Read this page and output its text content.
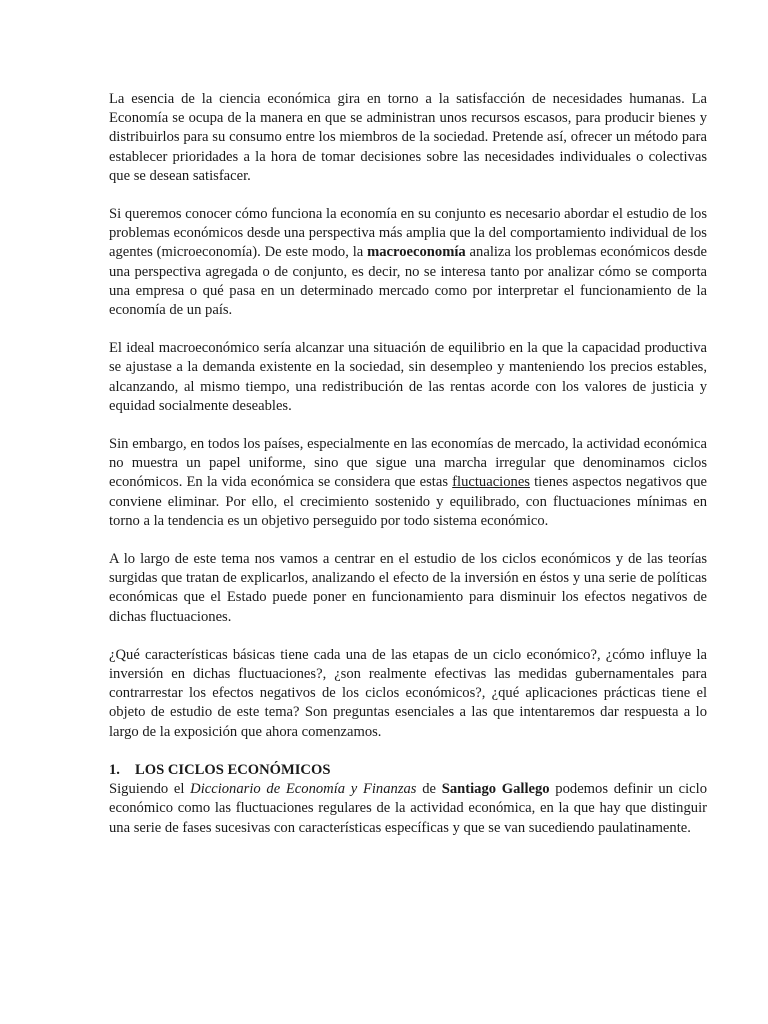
La esencia de la ciencia económica gira en torno a la satisfacción de necesidades humanas. La Economía se ocupa de la manera en que se administran unos recursos escasos, para producir bienes y distribuirlos para su consumo entre los miembros de la sociedad. Pretende así, ofrecer un método para establecer prioridades a la hora de tomar decisiones sobre las necesidades individuales o colectivas que se desean satisfacer.

Si queremos conocer cómo funciona la economía en su conjunto es necesario abordar el estudio de los problemas económicos desde una perspectiva más amplia que la del comportamiento individual de los agentes (microeconomía). De este modo, la macroeconomía analiza los problemas económicos desde una perspectiva agregada o de conjunto, es decir, no se interesa tanto por analizar cómo se comporta una empresa o qué pasa en un determinado mercado como por interpretar el funcionamiento de la economía de un país.

El ideal macroeconómico sería alcanzar una situación de equilibrio en la que la capacidad productiva se ajustase a la demanda existente en la sociedad, sin desempleo y manteniendo los precios estables, alcanzando, al mismo tiempo, una redistribución de las rentas acorde con los valores de justicia y equidad socialmente deseables.

Sin embargo, en todos los países, especialmente en las economías de mercado, la actividad económica no muestra un papel uniforme, sino que sigue una marcha irregular que denominamos ciclos económicos. En la vida económica se considera que estas fluctuaciones tienes aspectos negativos que conviene eliminar. Por ello, el crecimiento sostenido y equilibrado, con fluctuaciones mínimas en torno a la tendencia es un objetivo perseguido por todo sistema económico.

A lo largo de este tema nos vamos a centrar en el estudio de los ciclos económicos y de las teorías surgidas que tratan de explicarlos, analizando el efecto de la inversión en éstos y una serie de políticas económicas que el Estado puede poner en funcionamiento para disminuir los efectos negativos de dichas fluctuaciones.

¿Qué características básicas tiene cada una de las etapas de un ciclo económico?, ¿cómo influye la inversión en dichas fluctuaciones?, ¿son realmente efectivas las medidas gubernamentales para contrarrestar los efectos negativos de los ciclos económicos?, ¿qué aplicaciones prácticas tiene el objeto de estudio de este tema? Son preguntas esenciales a las que intentaremos dar respuesta a lo largo de la exposición que ahora comenzamos.

1. LOS CICLOS ECONÓMICOS

Siguiendo el Diccionario de Economía y Finanzas de Santiago Gallego podemos definir un ciclo económico como las fluctuaciones regulares de la actividad económica, en la que hay que distinguir una serie de fases sucesivas con características específicas y que se van sucediendo paulatinamente.
